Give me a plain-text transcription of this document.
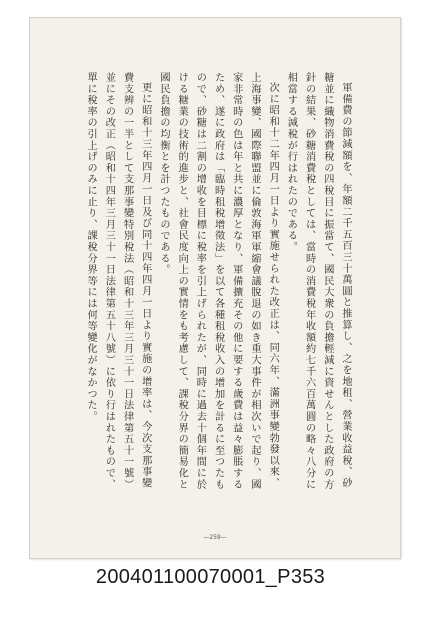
軍備費の節減額を、年額二千五百三十萬圓と推算し、之を地租、營業收益稅、砂糖並に織物消費稅の四稅目に振當て、國民大衆の負擔輕減に資せんとした政府の方針の結果、砂糖消費稅としては、當時の消費稅年收額約七千六百萬圓の略々八分に相當する減稅が行はれたのである。

次に昭和十二年四月一日より實施せられた改正は、同六年、滿洲事變勃發以來、上海事變、國際聯盟並に倫敦海軍軍縮會議脫退の如き重大事件が相次いで起り、國家非常時の色は年と共に濃厚となり、軍備擴充その他に要する歲費は益々膨脹するため、遂に政府は「臨時租稅增徵法」を以て各種租稅收入の增加を計るに至つたもので、砂糖は二割の增收を目標に稅率を引上げられたが、同時に過去十個年間に於ける糖業の技術的進步と、社會民度向上の實情をも考慮して、課稅分界の簡易化と國民負擔の均衡とを計つたものである。

更に昭和十三年四月一日及び同十四年四月一日より實施の增率は、今次支那事變費支辨の一半として支那事變特別稅法（昭和十三年三月三十一日法律第五十一號）並にその改正（昭和十四年三月三十一日法律第五十八號）に依り行はれたもので、單に稅率の引上げのみに止り、課稅分界等には何等變化がなかつた。

—259—
200401100070001_P353
